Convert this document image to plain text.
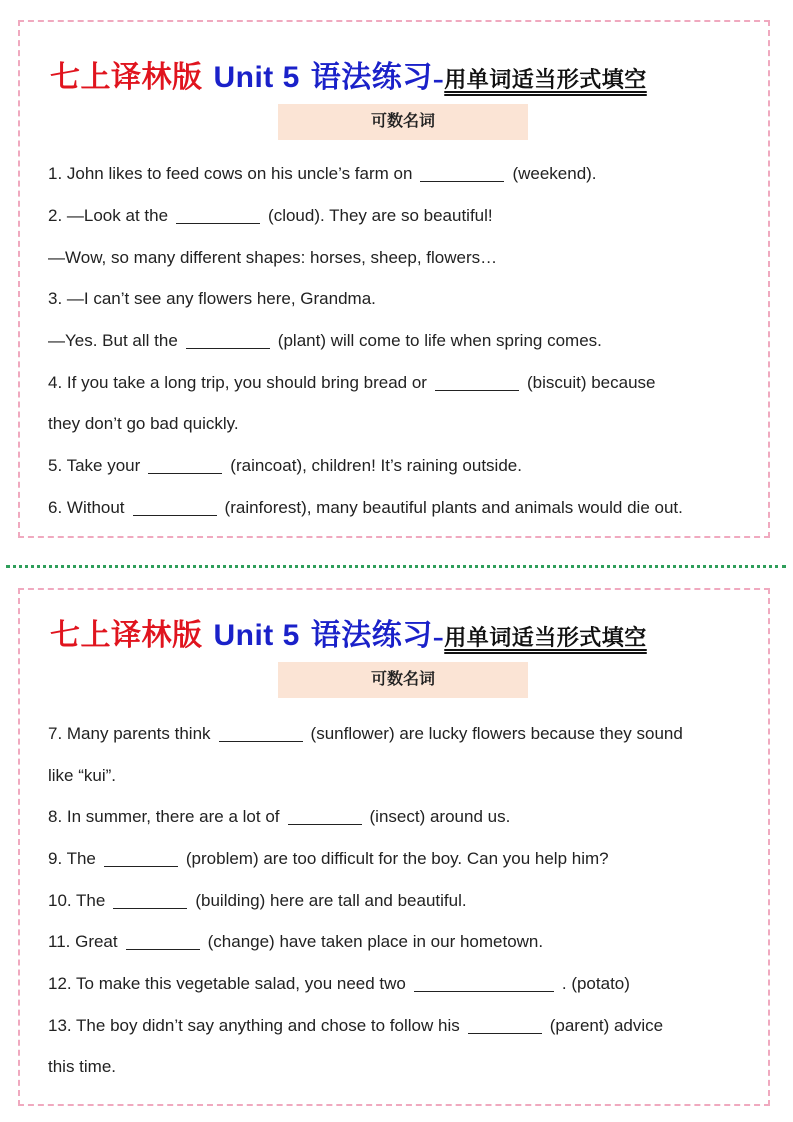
七上译林版 Unit 5 语法练习–用单词适当形式填空
可数名词
1. John likes to feed cows on his uncle’s farm on	(weekend).
2. —Look at the	(cloud). They are so beautiful!
—Wow, so many different shapes: horses, sheep, flowers…
3. —I can’t see any flowers here, Grandma.
—Yes. But all the	(plant) will come to life when spring comes.
4. If you take a long trip, you should bring bread or	(biscuit) because
they don’t go bad quickly.
5. Take your	(raincoat), children! It’s raining outside.
6. Without	(rainforest), many beautiful plants and animals would die out.
七上译林版 Unit 5 语法练习–用单词适当形式填空
可数名词
7. Many parents think	(sunflower) are lucky flowers because they sound
like “kui”.
8. In summer, there are a lot of	(insect) around us.
9. The	(problem) are too difficult for the boy. Can you help him?
10. The	(building) here are tall and beautiful.
11. Great	(change) have taken place in our hometown.
12. To make this vegetable salad, you need two	. (potato)
13. The boy didn’t say anything and chose to follow his	(parent) advice
this time.
